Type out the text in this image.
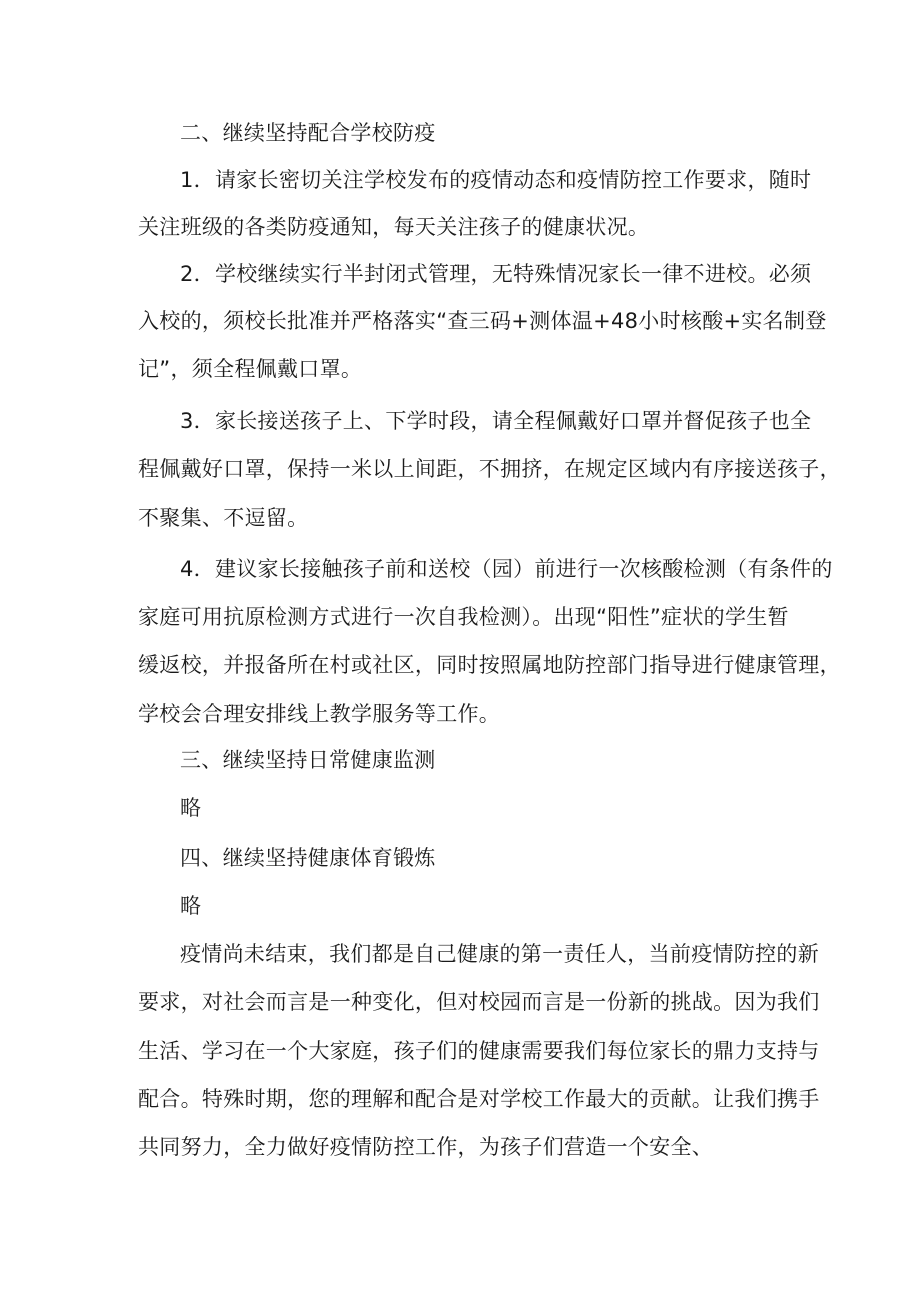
二、继续坚持配合学校防疫
1．请家长密切关注学校发布的疫情动态和疫情防控工作要求，随时
关注班级的各类防疫通知，每天关注孩子的健康状况。
2．学校继续实行半封闭式管理，无特殊情况家长一律不进校。必须
入校的，须校长批准并严格落实“查三码+测体温+48小时核酸+实名制登
记”，须全程佩戴口罩。
3．家长接送孩子上、下学时段，请全程佩戴好口罩并督促孩子也全
程佩戴好口罩，保持一米以上间距，不拥挤，在规定区域内有序接送孩子，
不聚集、不逗留。
4．建议家长接触孩子前和送校（园）前进行一次核酸检测（有条件的
家庭可用抗原检测方式进行一次自我检测）。出现“阳性”症状的学生暂
缓返校，并报备所在村或社区，同时按照属地防控部门指导进行健康管理，
学校会合理安排线上教学服务等工作。
三、继续坚持日常健康监测
略
四、继续坚持健康体育锻炼
略
疫情尚未结束，我们都是自己健康的第一责任人，当前疫情防控的新
要求，对社会而言是一种变化，但对校园而言是一份新的挑战。因为我们
生活、学习在一个大家庭，孩子们的健康需要我们每位家长的鼎力支持与
配合。特殊时期，您的理解和配合是对学校工作最大的贡献。让我们携手
共同努力，全力做好疫情防控工作，为孩子们营造一个安全、
